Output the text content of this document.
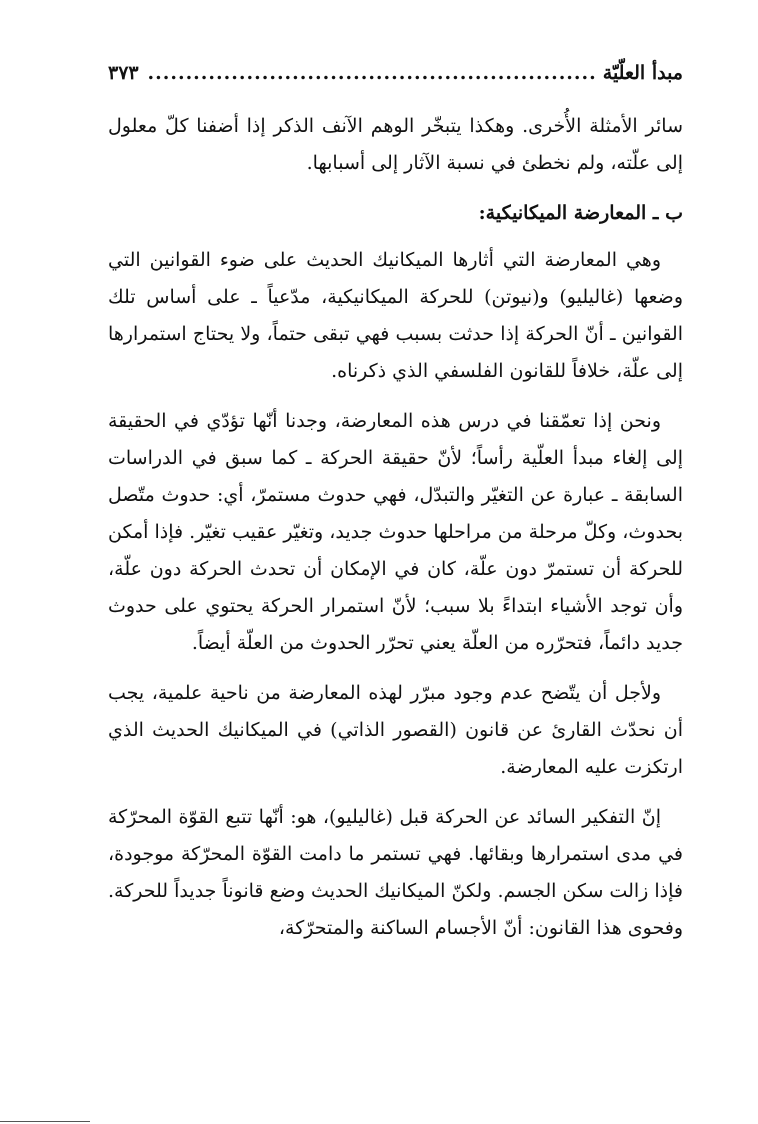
مبدأ العلّيّة
.....
٣٧٣

سائر الأمثلة الأُخرى. وهكذا يتبخّر الوهم الآنف الذكر إذا أضفنا كلّ معلول إلى علّته، ولم نخطئ في نسبة الآثار إلى أسبابها.

ب ـ المعارضة الميكانيكية:

وهي المعارضة التي أثارها الميكانيك الحديث على ضوء القوانين التي وضعها (غاليليو) و(نيوتن) للحركة الميكانيكية، مدّعياً ـ على أساس تلك القوانين ـ أنّ الحركة إذا حدثت بسبب فهي تبقى حتماً، ولا يحتاج استمرارها إلى علّة، خلافاً للقانون الفلسفي الذي ذكرناه.

ونحن إذا تعمّقنا في درس هذه المعارضة، وجدنا أنّها تؤدّي في الحقيقة إلى إلغاء مبدأ العلّية رأساً؛ لأنّ حقيقة الحركة ـ كما سبق في الدراسات السابقة ـ عبارة عن التغيّر والتبدّل، فهي حدوث مستمرّ، أي: حدوث متّصل بحدوث، وكلّ مرحلة من مراحلها حدوث جديد، وتغيّر عقيب تغيّر. فإذا أمكن للحركة أن تستمرّ دون علّة، كان في الإمكان أن تحدث الحركة دون علّة، وأن توجد الأشياء ابتداءً بلا سبب؛ لأنّ استمرار الحركة يحتوي على حدوث جديد دائماً، فتحرّره من العلّة يعني تحرّر الحدوث من العلّة أيضاً.

ولأجل أن يتّضح عدم وجود مبرّر لهذه المعارضة من ناحية علمية، يجب أن نحدّث القارئ عن قانون (القصور الذاتي) في الميكانيك الحديث الذي ارتكزت عليه المعارضة.

إنّ التفكير السائد عن الحركة قبل (غاليليو)، هو: أنّها تتبع القوّة المحرّكة في مدى استمرارها وبقائها. فهي تستمر ما دامت القوّة المحرّكة موجودة، فإذا زالت سكن الجسم. ولكنّ الميكانيك الحديث وضع قانوناً جديداً للحركة. وفحوى هذا القانون: أنّ الأجسام الساكنة والمتحرّكة،
